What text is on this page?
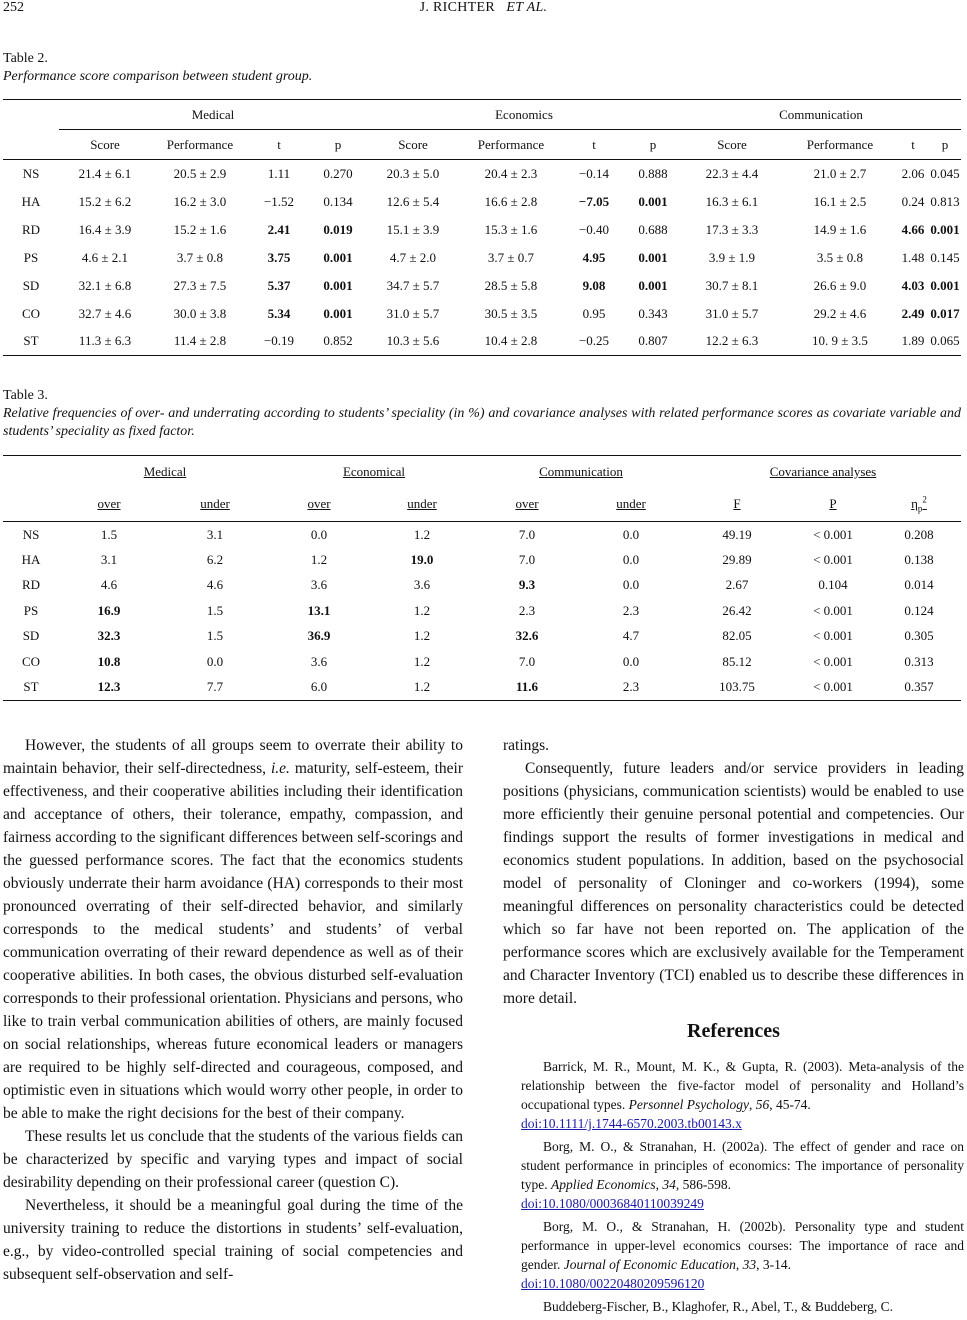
252	J. RICHTER ET AL.
Table 2.
Performance score comparison between student group.
	Medical				Economics				Communication			
	Score	Performance	t	p	Score	Performance	t	p	Score	Performance	t	p
NS	21.4 ± 6.1	20.5 ± 2.9	1.11	0.270	20.3 ± 5.0	20.4 ± 2.3	−0.14	0.888	22.3 ± 4.4	21.0 ± 2.7	2.06	0.045
HA	15.2 ± 6.2	16.2 ± 3.0	−1.52	0.134	12.6 ± 5.4	16.6 ± 2.8	−7.05	0.001	16.3 ± 6.1	16.1 ± 2.5	0.24	0.813
RD	16.4 ± 3.9	15.2 ± 1.6	2.41	0.019	15.1 ± 3.9	15.3 ± 1.6	−0.40	0.688	17.3 ± 3.3	14.9 ± 1.6	4.66	0.001
PS	4.6 ± 2.1	3.7 ± 0.8	3.75	0.001	4.7 ± 2.0	3.7 ± 0.7	4.95	0.001	3.9 ± 1.9	3.5 ± 0.8	1.48	0.145
SD	32.1 ± 6.8	27.3 ± 7.5	5.37	0.001	34.7 ± 5.7	28.5 ± 5.8	9.08	0.001	30.7 ± 8.1	26.6 ± 9.0	4.03	0.001
CO	32.7 ± 4.6	30.0 ± 3.8	5.34	0.001	31.0 ± 5.7	30.5 ± 3.5	0.95	0.343	31.0 ± 5.7	29.2 ± 4.6	2.49	0.017
ST	11.3 ± 6.3	11.4 ± 2.8	−0.19	0.852	10.3 ± 5.6	10.4 ± 2.8	−0.25	0.807	12.2 ± 6.3	10. 9 ± 3.5	1.89	0.065
Table 3.
Relative frequencies of over- and underrating according to students’ speciality (in %) and covariance analyses with related performance scores as covariate variable and students’ speciality as fixed factor.
	Medical		Economical		Communication		Covariance analyses		
	over	under	over	under	over	under	F	P	$\eta_p^2$
NS	1.5	3.1	0.0	1.2	7.0	0.0	49.19	< 0.001	0.208
HA	3.1	6.2	1.2	19.0	7.0	0.0	29.89	< 0.001	0.138
RD	4.6	4.6	3.6	3.6	9.3	0.0	2.67	0.104	0.014
PS	16.9	1.5	13.1	1.2	2.3	2.3	26.42	< 0.001	0.124
SD	32.3	1.5	36.9	1.2	32.6	4.7	82.05	< 0.001	0.305
CO	10.8	0.0	3.6	1.2	7.0	0.0	85.12	< 0.001	0.313
ST	12.3	7.7	6.0	1.2	11.6	2.3	103.75	< 0.001	0.357

However, the students of all groups seem to overrate their ability to maintain behavior, their self-directedness, i.e. maturity, self-esteem, their effectiveness, and their cooperative abilities including their identification and acceptance of others, their tolerance, empathy, compassion, and fairness according to the significant differences between self-scorings and the guessed performance scores. The fact that the economics students obviously underrate their harm avoidance (HA) corresponds to their most pronounced overrating of their self-directed behavior, and similarly corresponds to the medical students’ and students’ of verbal communication overrating of their reward dependence as well as of their cooperative abilities. In both cases, the obvious disturbed self-evaluation corresponds to their professional orientation. Physicians and persons, who like to train verbal communication abilities of others, are mainly focused on social relationships, whereas future economical leaders or managers are required to be highly self-directed and courageous, composed, and optimistic even in situations which would worry other people, in order to be able to make the right decisions for the best of their company.

These results let us conclude that the students of the various fields can be characterized by specific and varying types and impact of social desirability depending on their professional career (question C).

Nevertheless, it should be a meaningful goal during the time of the university training to reduce the distortions in students’ self-evaluation, e.g., by video-controlled special training of social competencies and subsequent self-observation and self-

ratings.

Consequently, future leaders and/or service providers in leading positions (physicians, communication scientists) would be enabled to use more efficiently their genuine personal potential and competencies. Our findings support the results of former investigations in medical and economics student populations. In addition, based on the psychosocial model of personality of Cloninger and co-workers (1994), some meaningful differences on personality characteristics could be detected which so far have not been reported on. The application of the performance scores which are exclusively available for the Temperament and Character Inventory (TCI) enabled us to describe these differences in more detail.

References

Barrick, M. R., Mount, M. K., & Gupta, R. (2003). Meta-analysis of the relationship between the five-factor model of personality and Holland’s occupational types. Personnel Psychology, 56, 45-74.
doi:10.1111/j.1744-6570.2003.tb00143.x

Borg, M. O., & Stranahan, H. (2002a). The effect of gender and race on student performance in principles of economics: The importance of personality type. Applied Economics, 34, 586-598.
doi:10.1080/00036840110039249

Borg, M. O., & Stranahan, H. (2002b). Personality type and student performance in upper-level economics courses: The importance of race and gender. Journal of Economic Education, 33, 3-14.
doi:10.1080/00220480209596120

Buddeberg-Fischer, B., Klaghofer, R., Abel, T., & Buddeberg, C.
